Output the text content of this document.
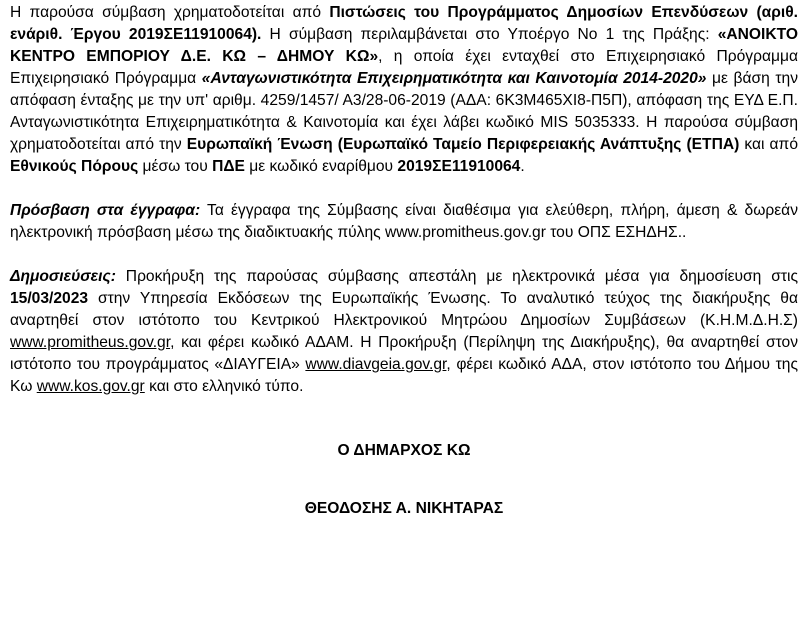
Η παρούσα σύμβαση χρηματοδοτείται από Πιστώσεις του Προγράμματος Δημοσίων Επενδύσεων (αριθ. ενάριθ. Έργου 2019ΣΕ11910064). Η σύμβαση περιλαμβάνεται στο Υποέργο Νο 1 της Πράξης: «ΑΝΟΙΚΤΟ ΚΕΝΤΡΟ ΕΜΠΟΡΙΟΥ Δ.Ε. ΚΩ – ΔΗΜΟΥ ΚΩ», η οποία έχει ενταχθεί στο Επιχειρησιακό Πρόγραμμα Επιχειρησιακό Πρόγραμμα «Ανταγωνιστικότητα Επιχειρηματικότητα και Καινοτομία 2014-2020» με βάση την απόφαση ένταξης με την υπ' αριθμ. 4259/1457/ Α3/28-06-2019 (ΑΔΑ: 6Κ3Μ465ΧΙ8-Π5Π), απόφαση της ΕΥΔ Ε.Π. Ανταγωνιστικότητα Επιχειρηματικότητα & Καινοτομία και έχει λάβει κωδικό MIS 5035333. Η παρούσα σύμβαση χρηματοδοτείται από την Ευρωπαϊκή Ένωση (Ευρωπαϊκό Ταμείο Περιφερειακής Ανάπτυξης (ΕΤΠΑ) και από Εθνικούς Πόρους μέσω του ΠΔΕ με κωδικό εναρίθμου 2019ΣΕ11910064.

Πρόσβαση στα έγγραφα: Τα έγγραφα της Σύμβασης είναι διαθέσιμα για ελεύθερη, πλήρη, άμεση & δωρεάν ηλεκτρονική πρόσβαση μέσω της διαδικτυακής πύλης www.promitheus.gov.gr του ΟΠΣ ΕΣΗΔΗΣ..

Δημοσιεύσεις: Προκήρυξη της παρούσας σύμβασης απεστάλη με ηλεκτρονικά μέσα για δημοσίευση στις 15/03/2023 στην Υπηρεσία Εκδόσεων της Ευρωπαϊκής Ένωσης. Το αναλυτικό τεύχος της διακήρυξης θα αναρτηθεί στον ιστότοπο του Κεντρικού Ηλεκτρονικού Μητρώου Δημοσίων Συμβάσεων (Κ.Η.Μ.Δ.Η.Σ) www.promitheus.gov.gr, και φέρει κωδικό ΑΔΑΜ. Η Προκήρυξη (Περίληψη της Διακήρυξης), θα αναρτηθεί στον ιστότοπο του προγράμματος «ΔΙΑΥΓΕΙΑ» www.diavgeia.gov.gr, φέρει κωδικό ΑΔΑ, στον ιστότοπο του Δήμου της Κω www.kos.gov.gr και στο ελληνικό τύπο.

Ο ΔΗΜΑΡΧΟΣ ΚΩ

ΘΕΟΔΟΣΗΣ Α. ΝΙΚΗΤΑΡΑΣ
